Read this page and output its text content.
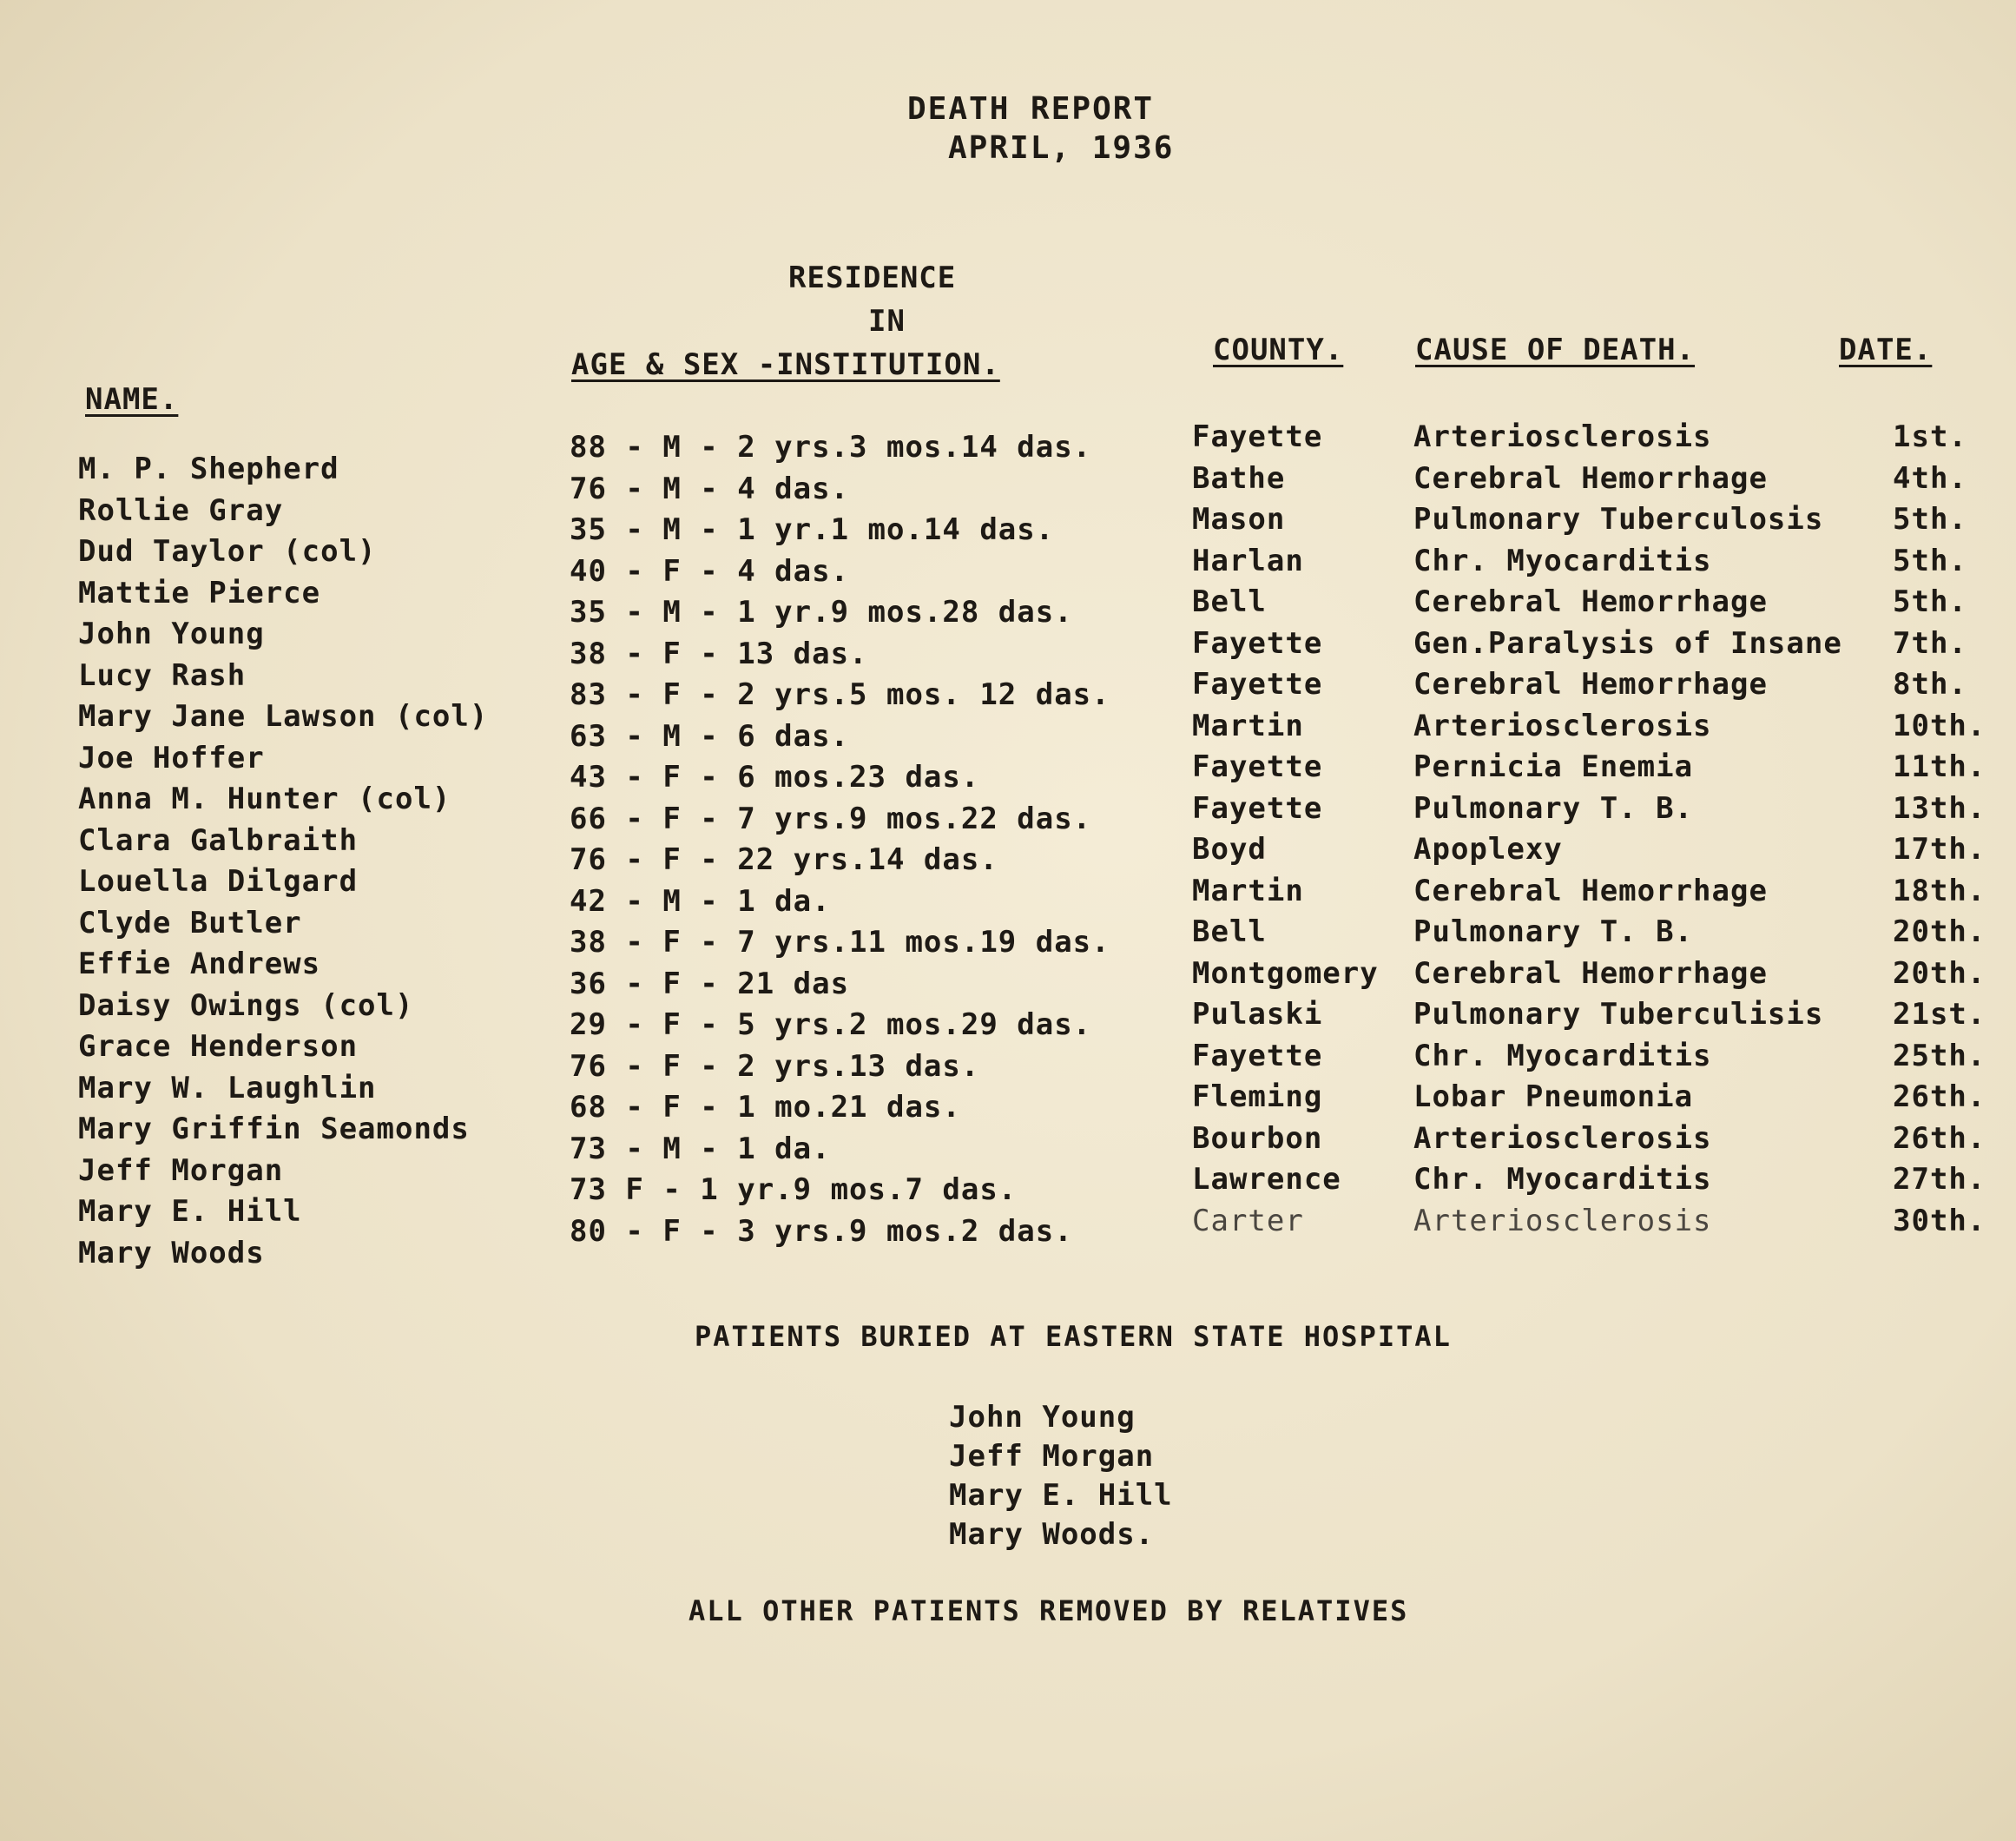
DEATH REPORT
APRIL, 1936
NAME.
RESIDENCE
IN
AGE & SEX -INSTITUTION.	COUNTY. CAUSE OF DEATH.	DATE.
M. P. Shepherd
Rollie Gray
Dud Taylor (col)
Mattie Pierce
John Young
Lucy Rash
Mary Jane Lawson (col)
Joe Hoffer
Anna M. Hunter (col)
Clara Galbraith
Louella Dilgard
Clyde Butler
Effie Andrews
Daisy Owings (col)
Grace Henderson
Mary W. Laughlin
Mary Griffin Seamonds
Jeff Morgan
Mary E. Hill
Mary Woods
88 - M - 2 yrs.3 mos.14 das.
76 - M - 4 das.
35 - M - 1 yr.1 mo.14 das.
40 - F - 4 das.
35 - M - 1 yr.9 mos.28 das.
38 - F - 13 das.
83 - F - 2 yrs.5 mos. 12 das.
63 - M - 6 das.
43 - F - 6 mos.23 das.
66 - F - 7 yrs.9 mos.22 das.
76 - F - 22 yrs.14 das.
42 - M - 1 da.
38 - F - 7 yrs.11 mos.19 das.
36 - F - 21 das
29 - F - 5 yrs.2 mos.29 das.
76 - F - 2 yrs.13 das.
68 - F - 1 mo.21 das.
73 - M - 1 da.
73 F - 1 yr.9 mos.7 das.
80 - F - 3 yrs.9 mos.2 das.
Fayette
Bathe
Mason
Harlan
Bell
Fayette
Fayette
Martin
Fayette
Fayette
Boyd
Martin
Bell
Montgomery
Pulaski
Fayette
Fleming
Bourbon
Lawrence
Carter
Arteriosclerosis
Cerebral Hemorrhage
Pulmonary Tuberculosis
Chr. Myocarditis
Cerebral Hemorrhage
Gen.Paralysis of Insane
Cerebral Hemorrhage
Arteriosclerosis
Pernicia Enemia
Pulmonary T. B.
Apoplexy
Cerebral Hemorrhage
Pulmonary T. B.
Cerebral Hemorrhage
Pulmonary Tuberculisis
Chr. Myocarditis
Lobar Pneumonia
Arteriosclerosis
Chr. Myocarditis
Arteriosclerosis
1st.
4th.
5th.
5th.
5th.
7th.
8th.
10th.
11th.
13th.
17th.
18th.
20th.
20th.
21st.
25th.
26th.
26th.
27th.
30th.
PATIENTS BURIED AT EASTERN STATE HOSPITAL
John Young
Jeff Morgan
Mary E. Hill
Mary Woods.
ALL OTHER PATIENTS REMOVED BY RELATIVES
